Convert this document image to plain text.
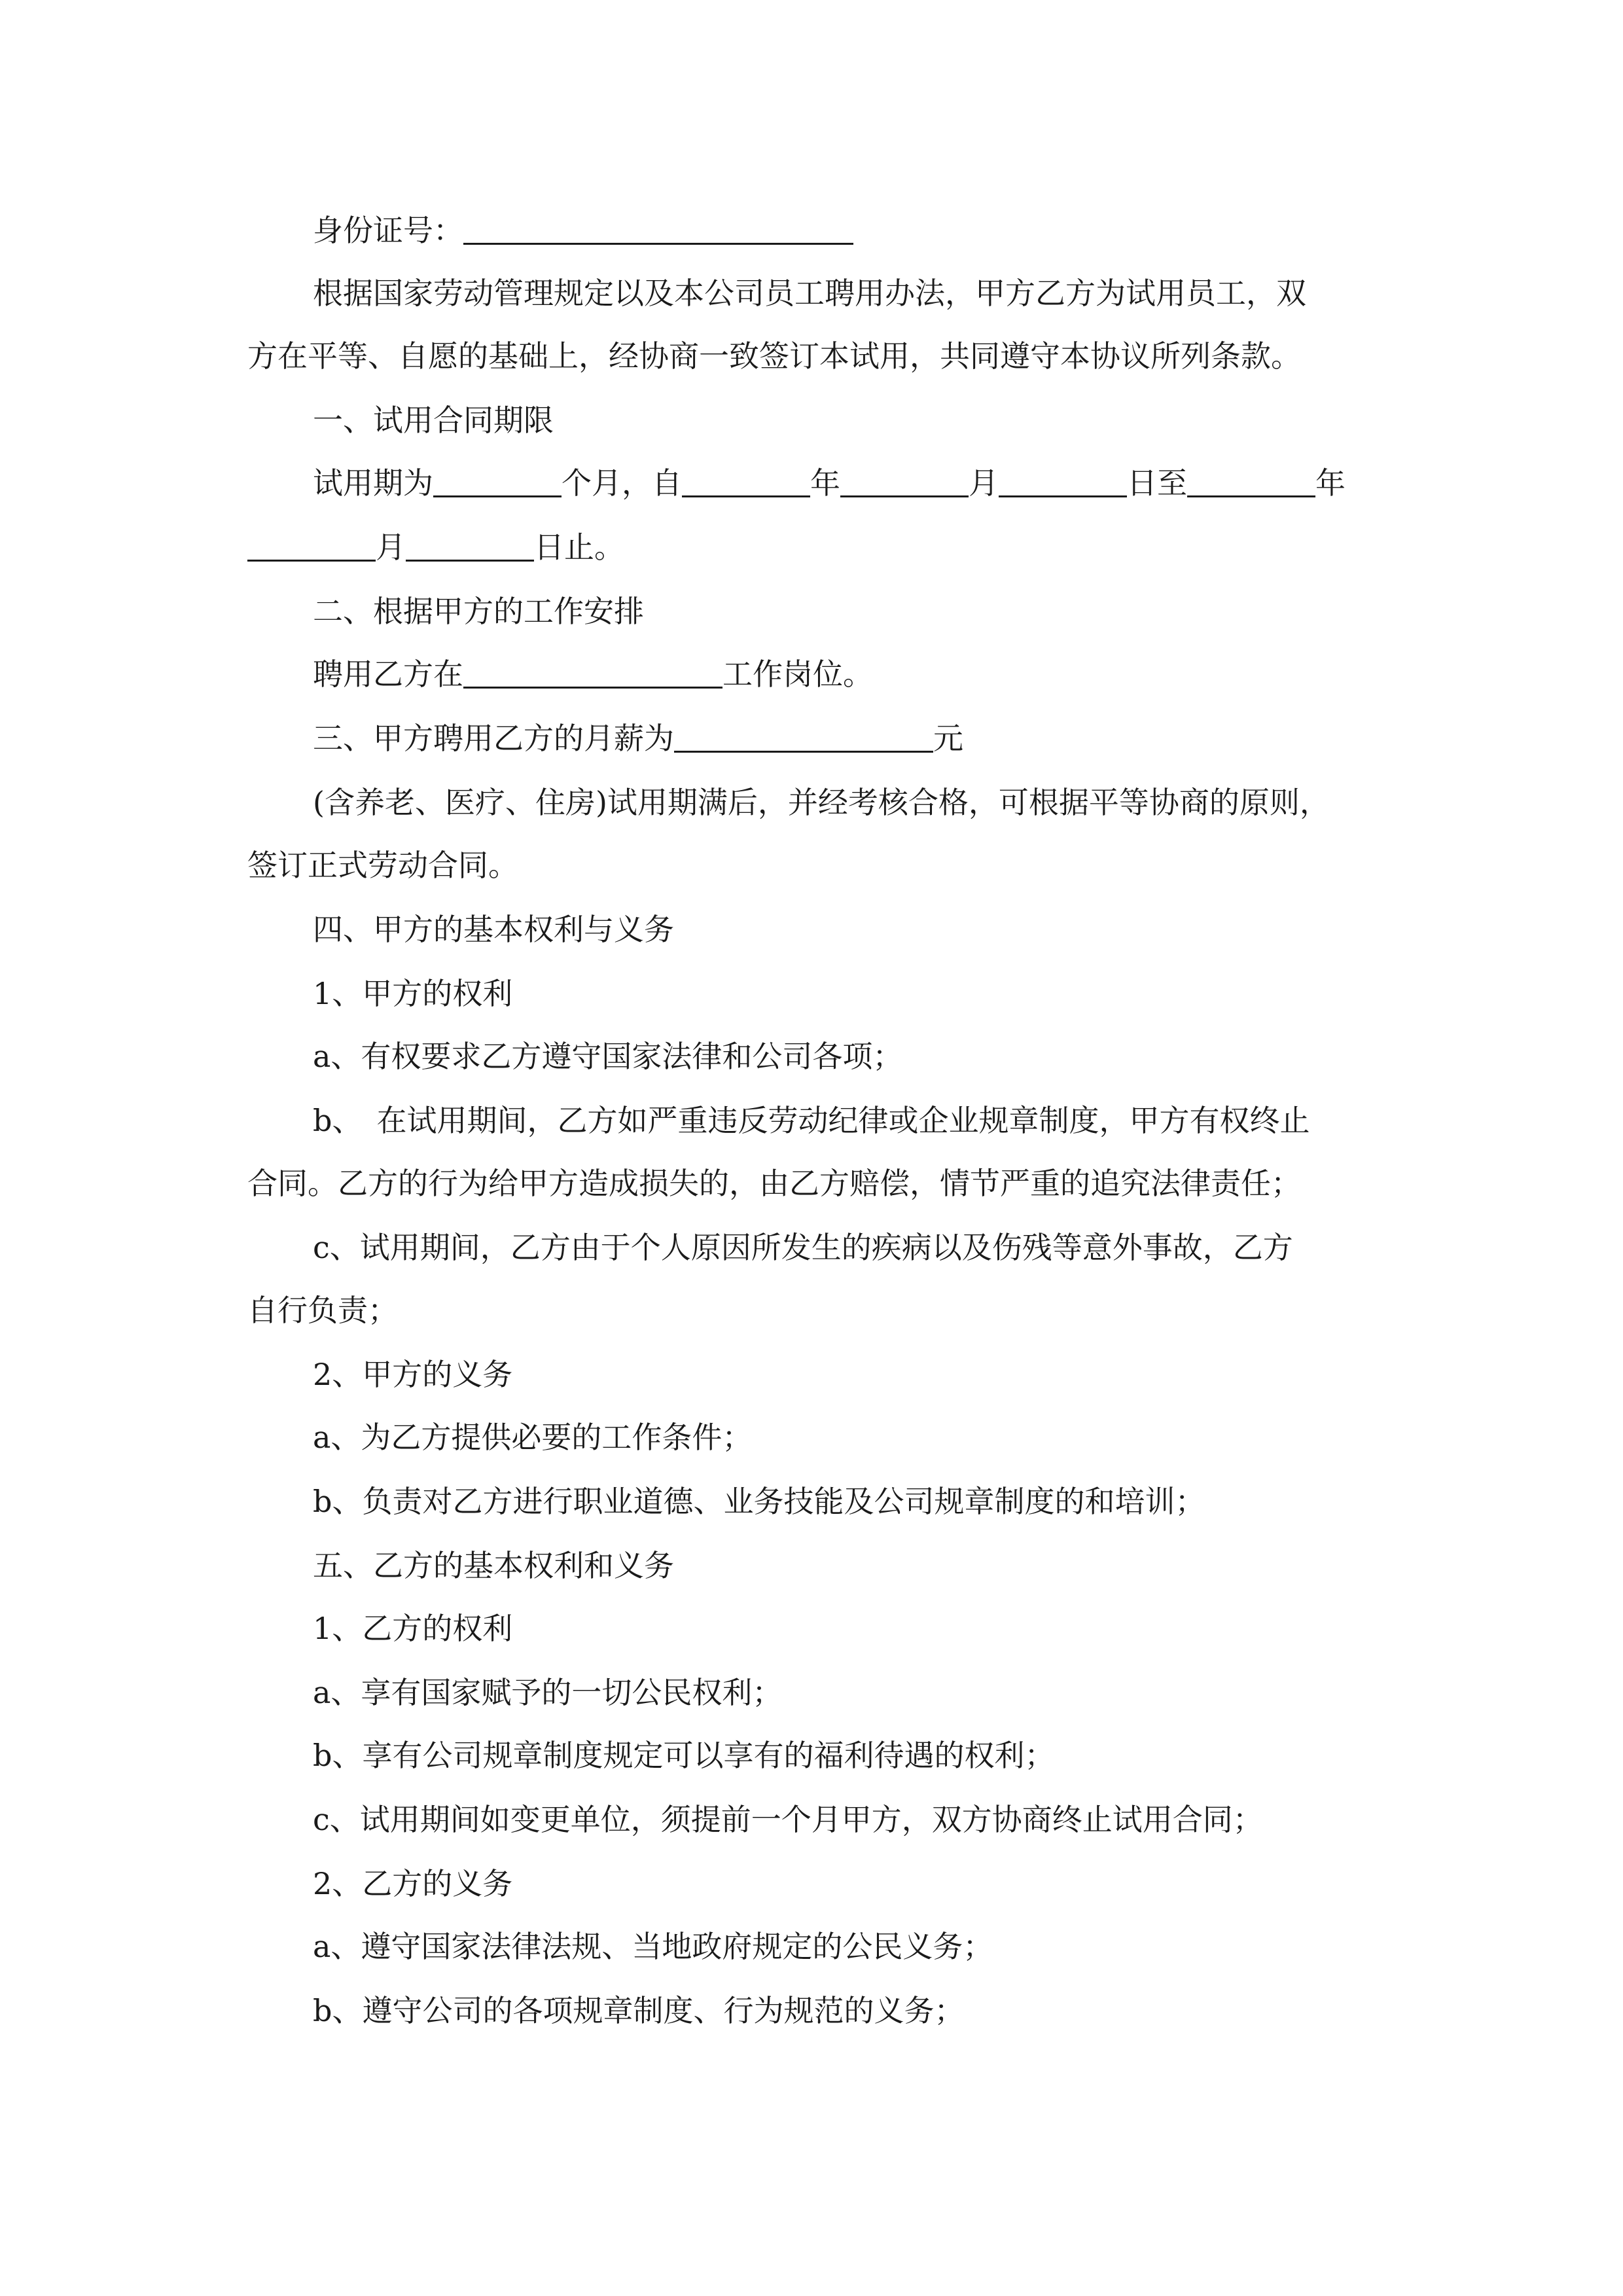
身份证号：
根据国家劳动管理规定以及本公司员工聘用办法，甲方乙方为试用员工，双
方在平等、自愿的基础上，经协商一致签订本试用，共同遵守本协议所列条款。
一、试用合同期限
试用期为	个月，自	年	月	日至	年
月	日止。
二、根据甲方的工作安排
聘用乙方在	工作岗位。
三、甲方聘用乙方的月薪为	元
(含养老、医疗、住房)试用期满后，并经考核合格，可根据平等协商的原则，
签订正式劳动合同。
四、甲方的基本权利与义务
1、甲方的权利
a、有权要求乙方遵守国家法律和公司各项；
b、 在试用期间，乙方如严重违反劳动纪律或企业规章制度，甲方有权终止
合同。乙方的行为给甲方造成损失的，由乙方赔偿，情节严重的追究法律责任；
c、试用期间，乙方由于个人原因所发生的疾病以及伤残等意外事故，乙方
自行负责；
2、甲方的义务
a、为乙方提供必要的工作条件；
b、负责对乙方进行职业道德、业务技能及公司规章制度的和培训；
五、乙方的基本权利和义务
1、乙方的权利
a、享有国家赋予的一切公民权利；
b、享有公司规章制度规定可以享有的福利待遇的权利；
c、试用期间如变更单位，须提前一个月甲方，双方协商终止试用合同；
2、乙方的义务
a、遵守国家法律法规、当地政府规定的公民义务；
b、遵守公司的各项规章制度、行为规范的义务；
